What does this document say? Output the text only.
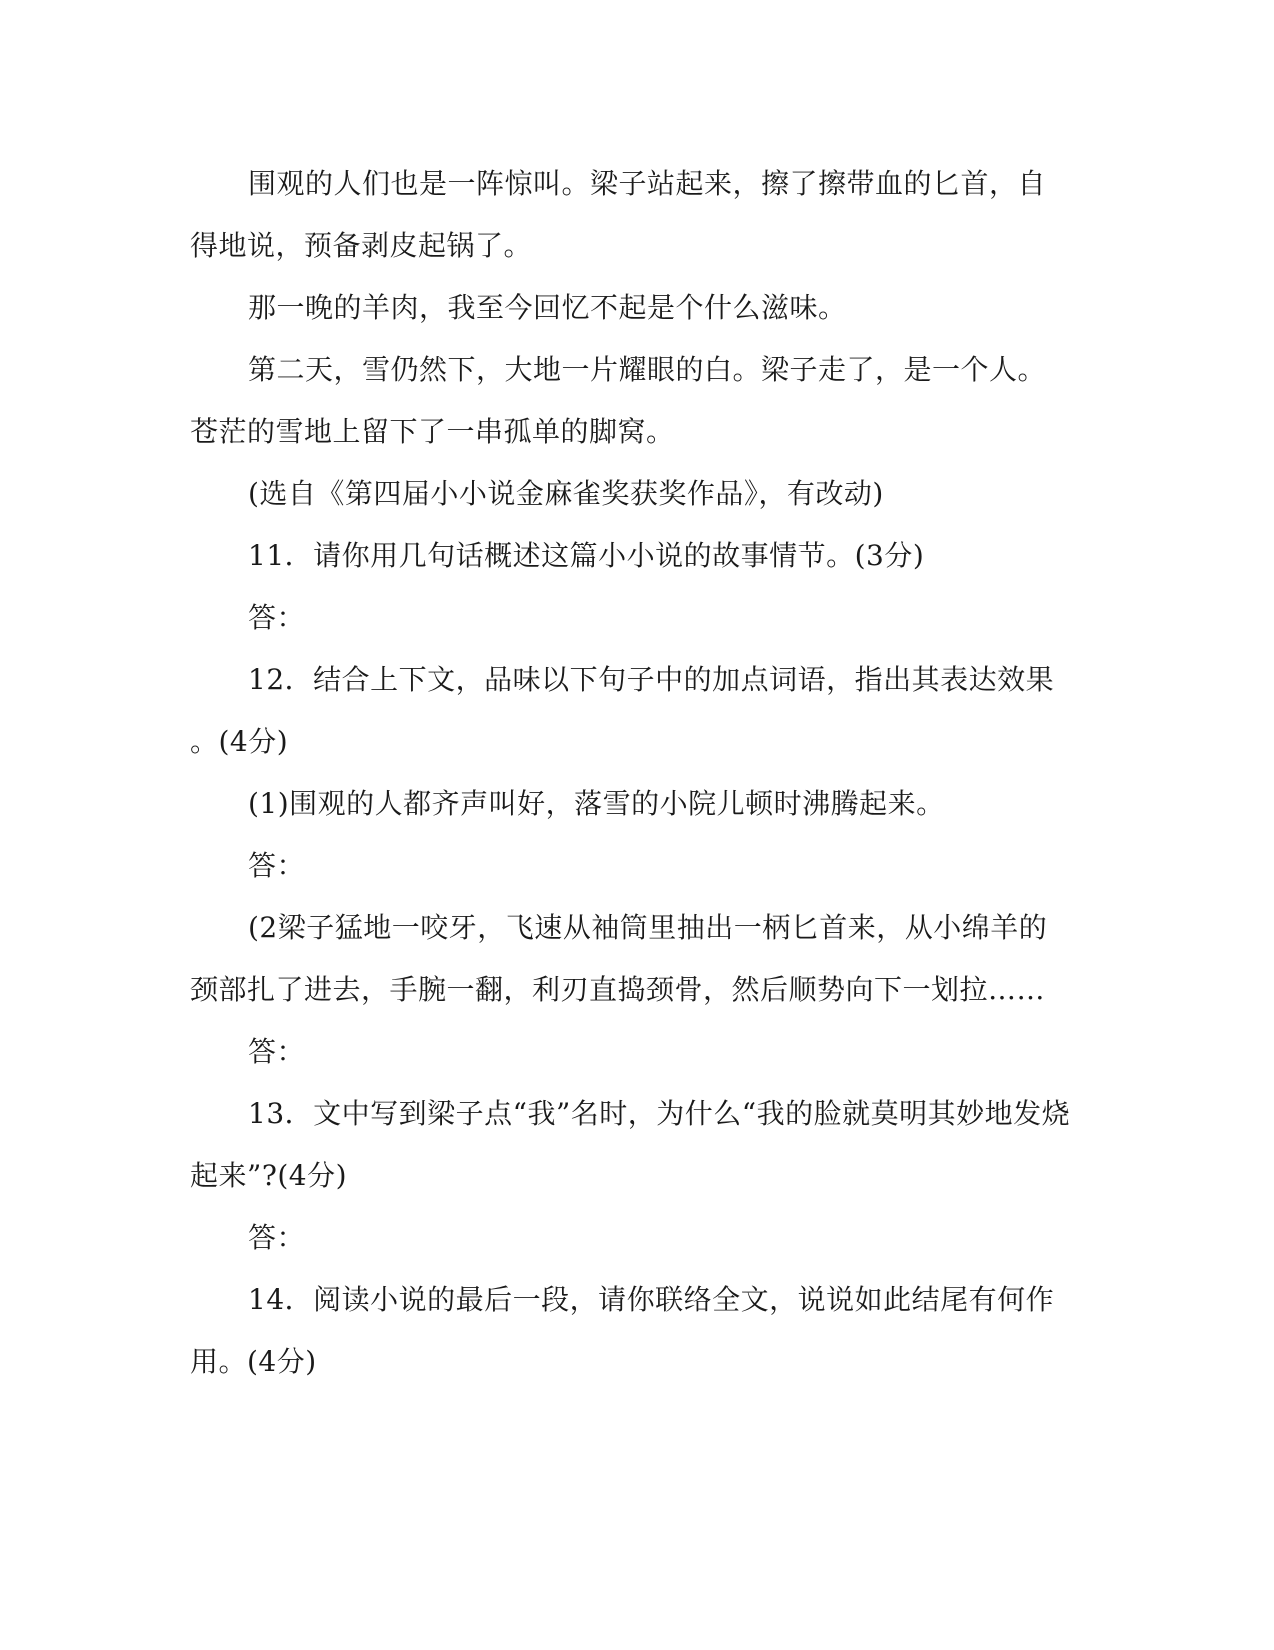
围观的人们也是一阵惊叫。梁子站起来，擦了擦带血的匕首，自
得地说，预备剥皮起锅了。
那一晚的羊肉，我至今回忆不起是个什么滋味。
第二天，雪仍然下，大地一片耀眼的白。梁子走了，是一个人。
苍茫的雪地上留下了一串孤单的脚窝。
(选自《第四届小小说金麻雀奖获奖作品》，有改动)
11．请你用几句话概述这篇小小说的故事情节。(3分)
答：
12．结合上下文，品味以下句子中的加点词语，指出其表达效果
。(4分)
(1)围观的人都齐声叫好，落雪的小院儿顿时沸腾起来。
答：
(2梁子猛地一咬牙，飞速从袖筒里抽出一柄匕首来，从小绵羊的
颈部扎了进去，手腕一翻，利刃直捣颈骨，然后顺势向下一划拉……
答：
13．文中写到梁子点“我”名时，为什么“我的脸就莫明其妙地发烧
起来”?(4分)
答：
14．阅读小说的最后一段，请你联络全文，说说如此结尾有何作
用。(4分)
